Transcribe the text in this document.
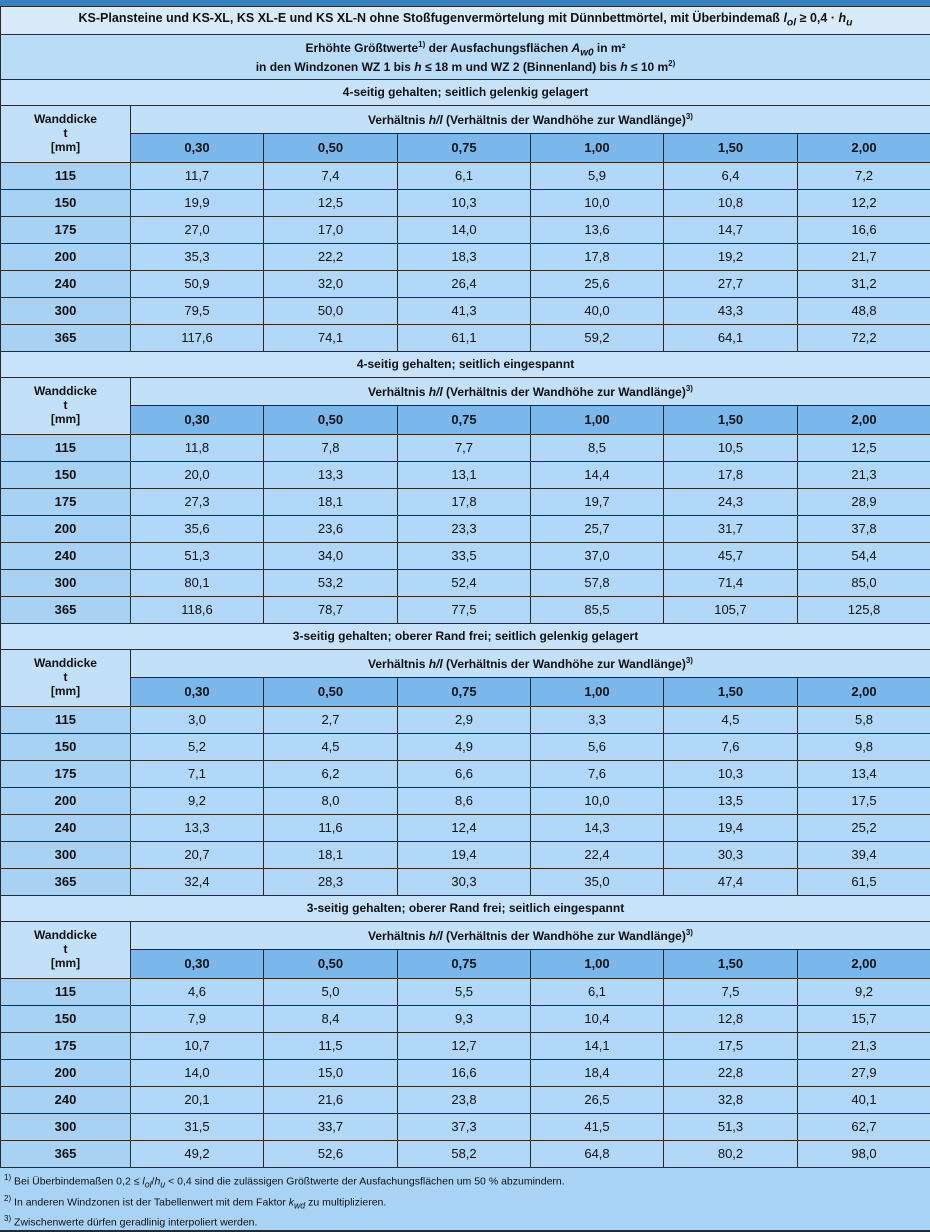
KS-Plansteine und KS-XL, KS XL-E und KS XL-N ohne Stoßfugenvermörtelung mit Dünnbettmörtel, mit Überbindemaß $l_{ol} \ge 0,4 \cdot h_u$

Erhöhte Größtwerte$^{1)}$ der Ausfachungsflächen $A_{w0}$ in m²
in den Windzonen WZ 1 bis h ≤ 18 m und WZ 2 (Binnenland) bis h ≤ 10 $m^{2)}$

4-seitig gehalten; seitlich gelenkig gelagert						

Wanddicke
t
[mm]	Verhältnis h/l (Verhältnis der Wandhöhe zur Wandlänge)$^{3)}$
	0,30	0,50	0,75	1,00	1,50	2,00
115	11,7	7,4	6,1	5,9	6,4	7,2
150	19,9	12,5	10,3	10,0	10,8	12,2
175	27,0	17,0	14,0	13,6	14,7	16,6
200	35,3	22,2	18,3	17,8	19,2	21,7
240	50,9	32,0	26,4	25,6	27,7	31,2
300	79,5	50,0	41,3	40,0	43,3	48,8
365	117,6	74,1	61,1	59,2	64,1	72,2
4-seitig gehalten; seitlich eingespannt						

Wanddicke
t
[mm]	Verhältnis h/l (Verhältnis der Wandhöhe zur Wandlänge)$^{3)}$
	0,30	0,50	0,75	1,00	1,50	2,00
115	11,8	7,8	7,7	8,5	10,5	12,5
150	20,0	13,3	13,1	14,4	17,8	21,3
175	27,3	18,1	17,8	19,7	24,3	28,9
200	35,6	23,6	23,3	25,7	31,7	37,8
240	51,3	34,0	33,5	37,0	45,7	54,4
300	80,1	53,2	52,4	57,8	71,4	85,0
365	118,6	78,7	77,5	85,5	105,7	125,8
3-seitig gehalten; oberer Rand frei; seitlich gelenkig gelagert						

Wanddicke
t
[mm]	Verhältnis h/l (Verhältnis der Wandhöhe zur Wandlänge)$^{3)}$
	0,30	0,50	0,75	1,00	1,50	2,00
115	3,0	2,7	2,9	3,3	4,5	5,8
150	5,2	4,5	4,9	5,6	7,6	9,8
175	7,1	6,2	6,6	7,6	10,3	13,4
200	9,2	8,0	8,6	10,0	13,5	17,5
240	13,3	11,6	12,4	14,3	19,4	25,2
300	20,7	18,1	19,4	22,4	30,3	39,4
365	32,4	28,3	30,3	35,0	47,4	61,5
3-seitig gehalten; oberer Rand frei; seitlich eingespannt						

Wanddicke
t
[mm]	Verhältnis h/l (Verhältnis der Wandhöhe zur Wandlänge)$^{3)}$
	0,30	0,50	0,75	1,00	1,50	2,00
115	4,6	5,0	5,5	6,1	7,5	9,2
150	7,9	8,4	9,3	10,4	12,8	15,7
175	10,7	11,5	12,7	14,1	17,5	21,3
200	14,0	15,0	16,6	18,4	22,8	27,9
240	20,1	21,6	23,8	26,5	32,8	40,1
300	31,5	33,7	37,3	41,5	51,3	62,7
365	49,2	52,6	58,2	64,8	80,2	98,0
$^{1)}$ Bei Überbindemaßen $0,2 \le l_{ol}/h_u < 0,4$ sind die zulässigen Größtwerte der Ausfachungsflächen um 50 % abzumindern.
$^{2)}$ In anderen Windzonen ist der Tabellenwert mit dem Faktor $k_{wd}$ zu multiplizieren.
$^{3)}$ Zwischenwerte dürfen geradlinig interpoliert werden.
